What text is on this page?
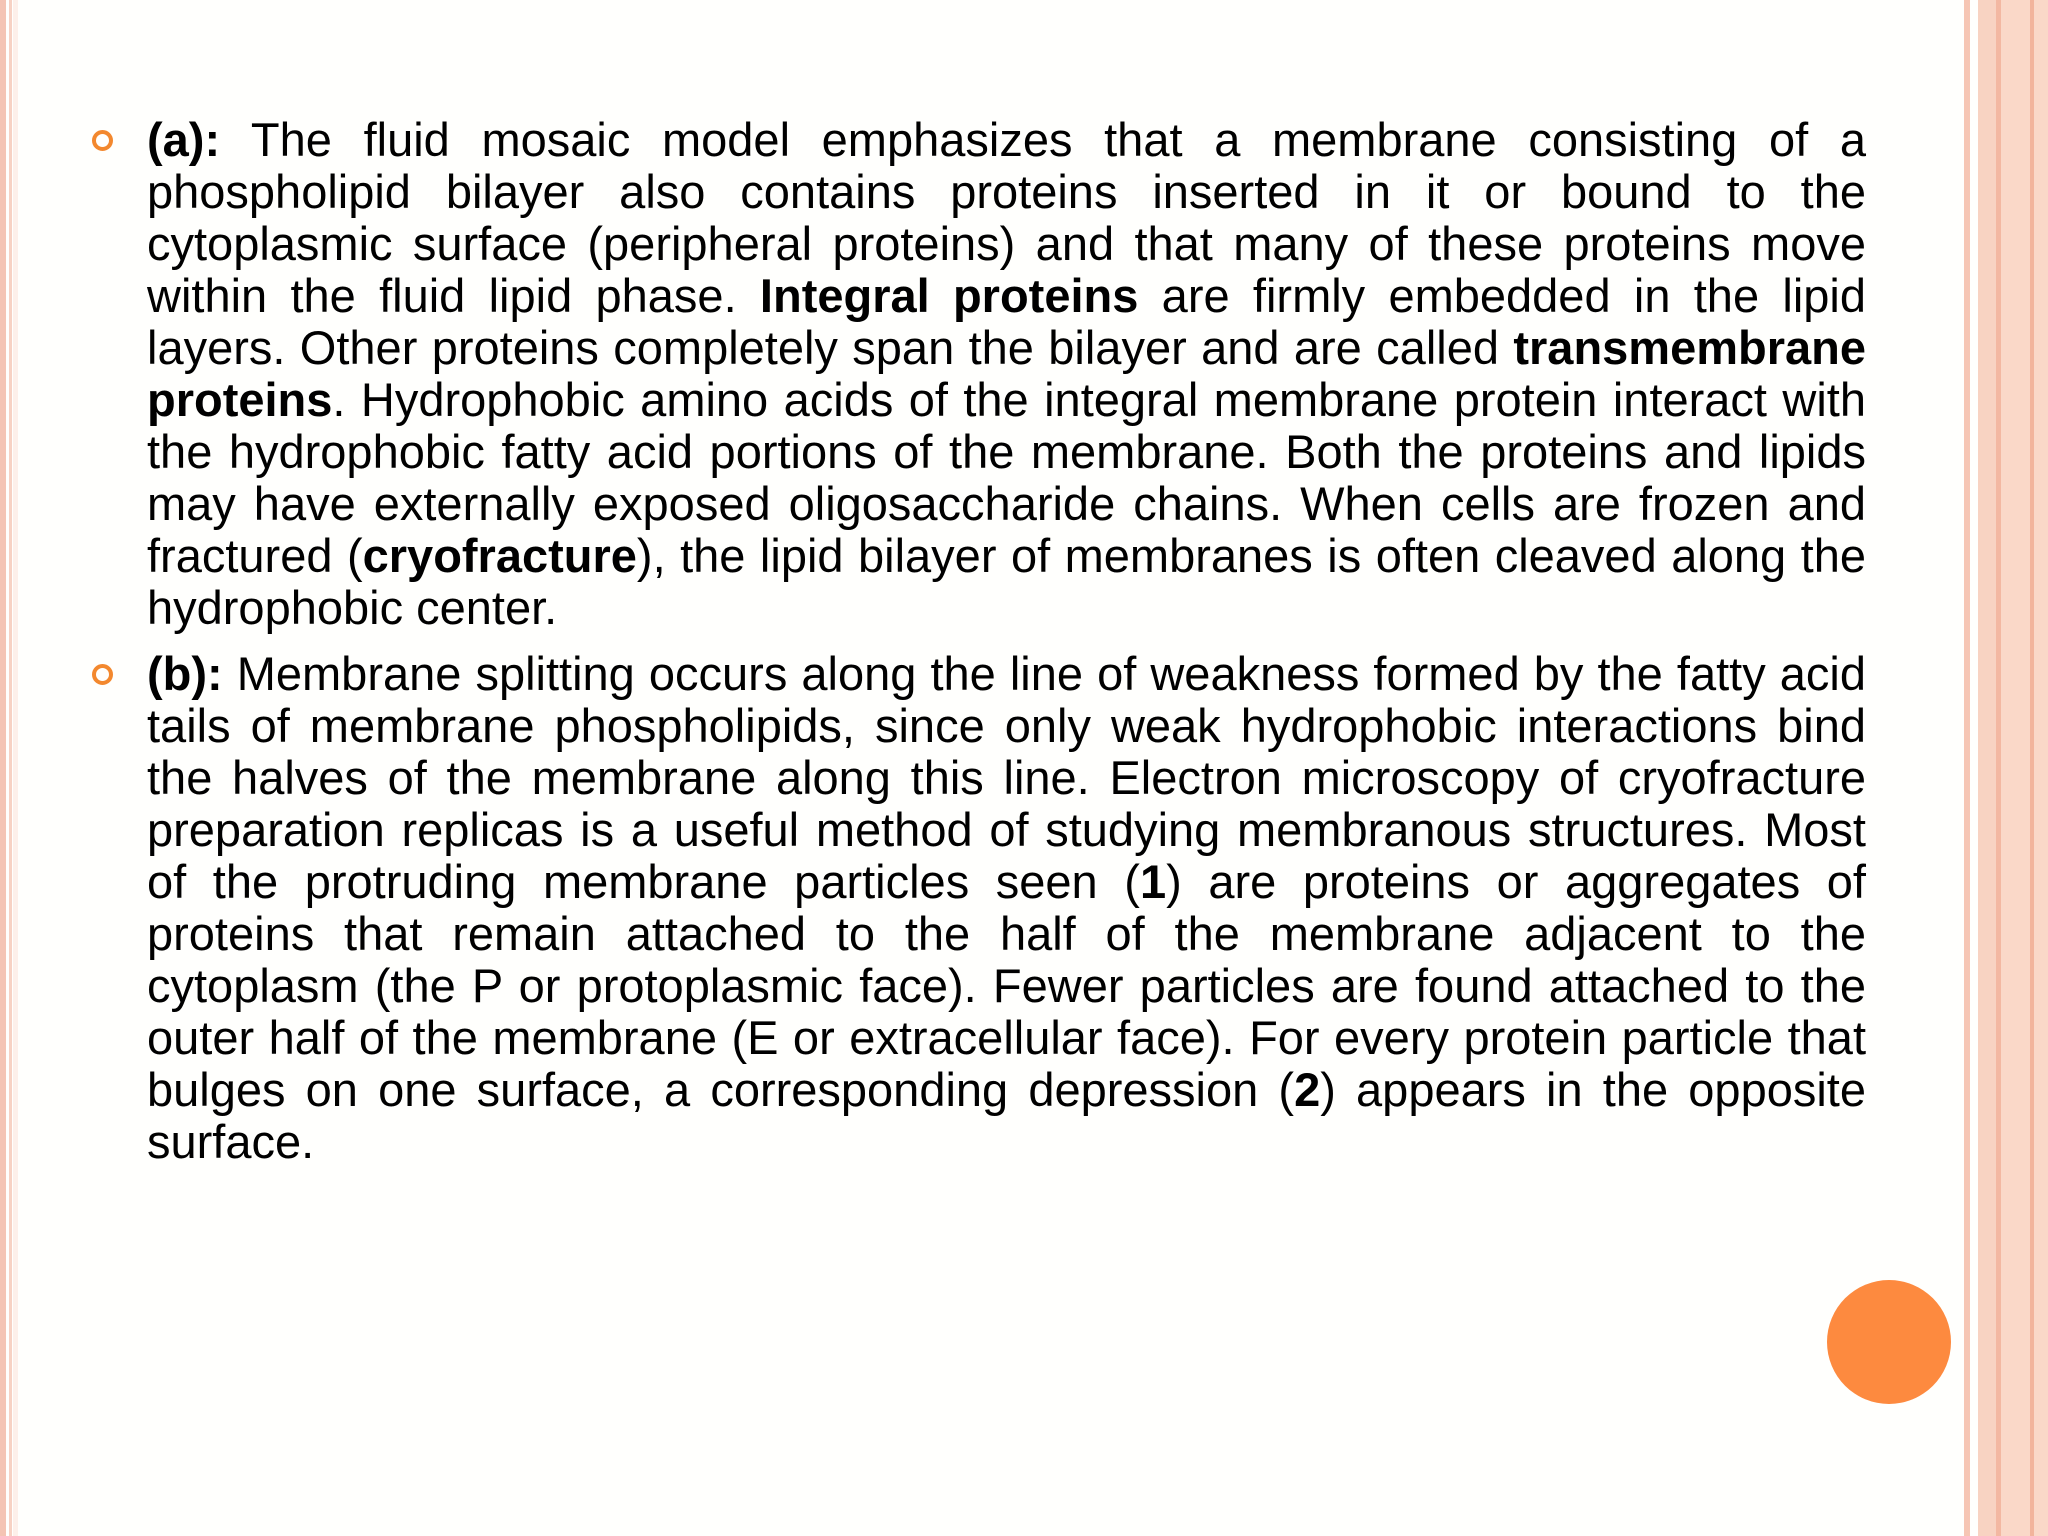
(a): The fluid mosaic model emphasizes that a membrane consisting of a phospholipid bilayer also contains proteins inserted in it or bound to the cytoplasmic surface (peripheral proteins) and that many of these proteins move within the fluid lipid phase. Integral proteins are firmly embedded in the lipid layers. Other proteins completely span the bilayer and are called transmembrane proteins. Hydrophobic amino acids of the integral membrane protein interact with the hydrophobic fatty acid portions of the membrane. Both the proteins and lipids may have externally exposed oligosaccharide chains. When cells are frozen and fractured (cryofracture), the lipid bilayer of membranes is often cleaved along the hydrophobic center.

(b): Membrane splitting occurs along the line of weakness formed by the fatty acid tails of membrane phospholipids, since only weak hydrophobic interactions bind the halves of the membrane along this line. Electron microscopy of cryofracture preparation replicas is a useful method of studying membranous structures. Most of the protruding membrane particles seen (1) are proteins or aggregates of proteins that remain attached to the half of the membrane adjacent to the cytoplasm (the P or protoplasmic face). Fewer particles are found attached to the outer half of the membrane (E or extracellular face). For every protein particle that bulges on one surface, a corresponding depression (2) appears in the opposite surface.
